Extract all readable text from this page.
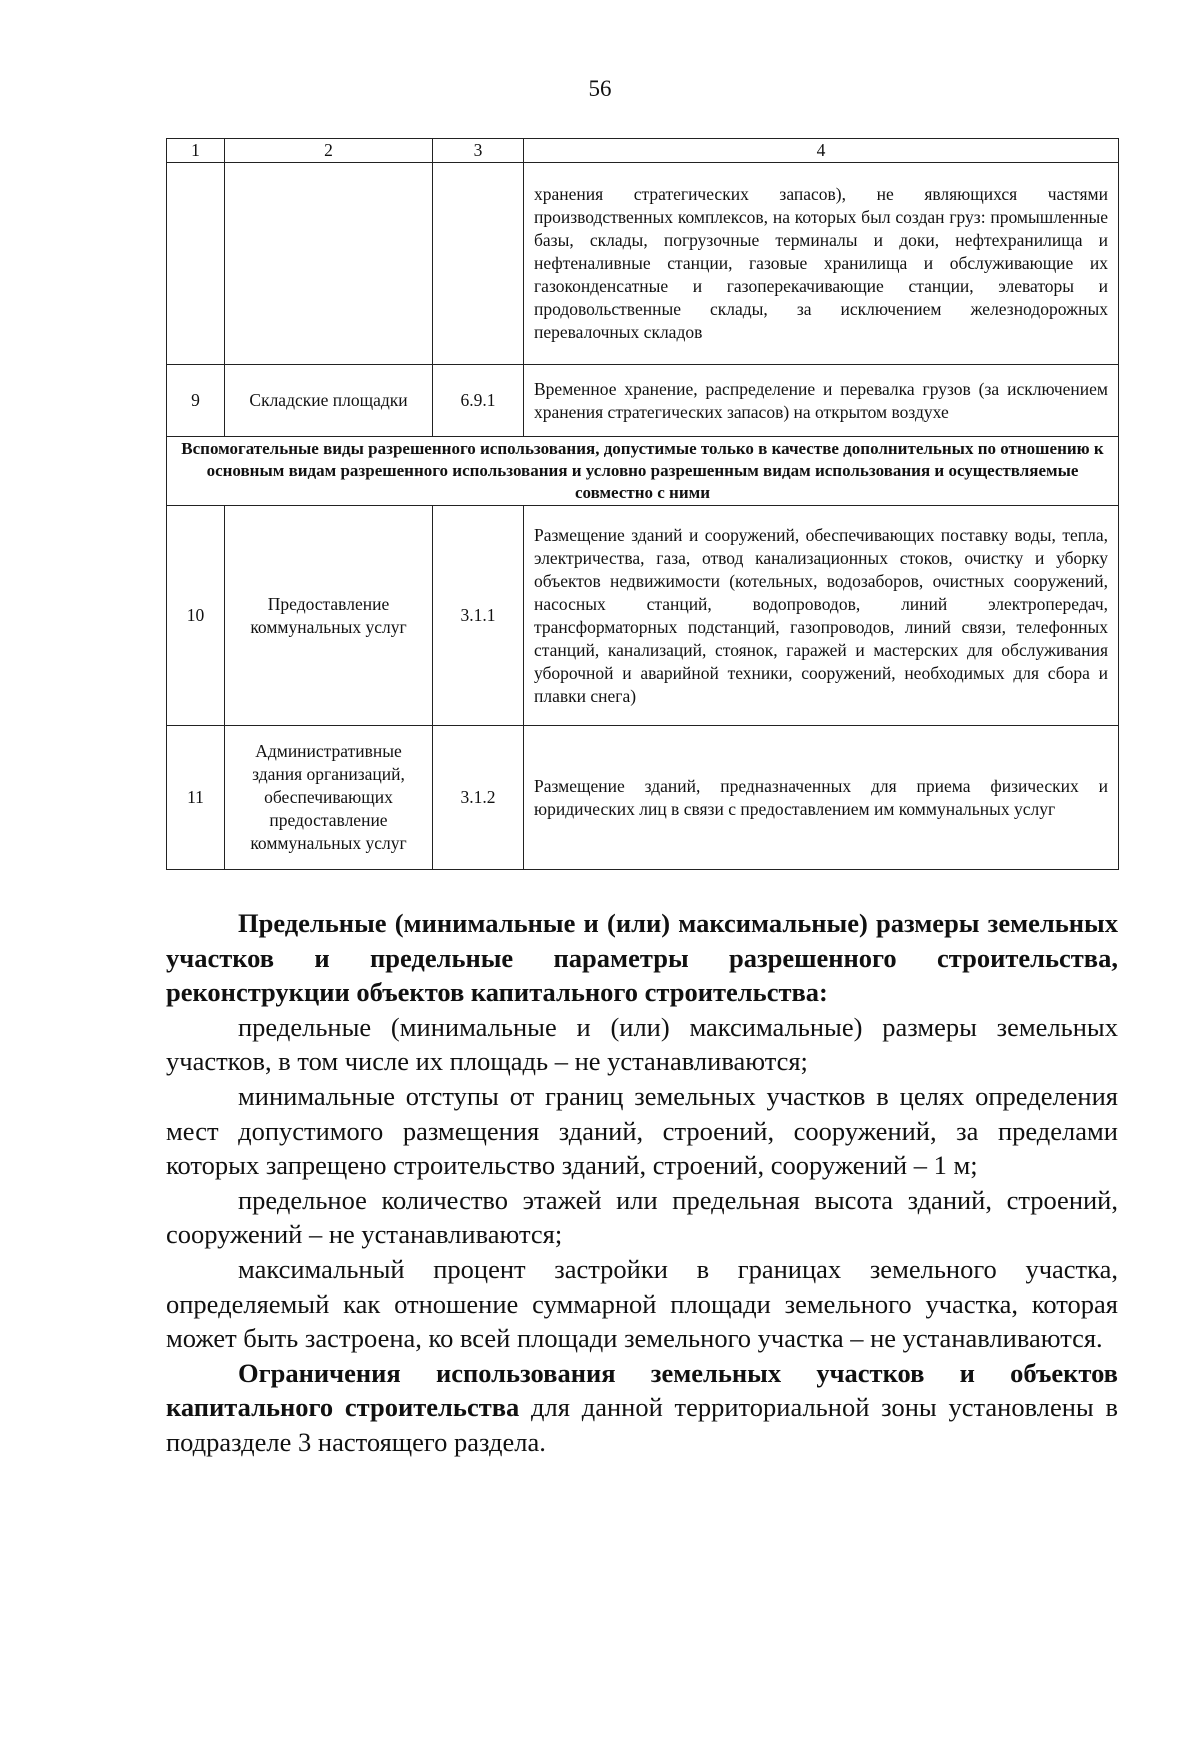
56
1	2	3	4
			хранения стратегических запасов), не являющихся частями производственных комплексов, на которых был создан груз: промышленные базы, склады, погрузочные терминалы и доки, нефтехранилища и нефтеналивные станции, газовые хранилища и обслуживающие их газоконденсатные и газоперекачивающие станции, элеваторы и продовольственные склады, за исключением железнодорожных перевалочных складов
9	Складские площадки	6.9.1	Временное хранение, распределение и перевалка грузов (за исключением хранения стратегических запасов) на открытом воздухе
Вспомогательные виды разрешенного использования, допустимые только в качестве дополнительных по отношению к основным видам разрешенного использования и условно разрешенным видам использования и осуществляемые совместно с ними			
10	Предоставление коммунальных услуг	3.1.1	Размещение зданий и сооружений, обеспечивающих поставку воды, тепла, электричества, газа, отвод канализационных стоков, очистку и уборку объектов недвижимости (котельных, водозаборов, очистных сооружений, насосных станций, водопроводов, линий электропередач, трансформаторных подстанций, газопроводов, линий связи, телефонных станций, канализаций, стоянок, гаражей и мастерских для обслуживания уборочной и аварийной техники, сооружений, необходимых для сбора и плавки снега)
11	Административные здания организаций, обеспечивающих предоставление коммунальных услуг	3.1.2	Размещение зданий, предназначенных для приема физических и юридических лиц в связи с предоставлением им коммунальных услуг

Предельные (минимальные и (или) максимальные) размеры земельных участков и предельные параметры разрешенного строительства, реконструкции объектов капитального строительства:

предельные (минимальные и (или) максимальные) размеры земельных участков, в том числе их площадь – не устанавливаются;

минимальные отступы от границ земельных участков в целях определения мест допустимого размещения зданий, строений, сооружений, за пределами которых запрещено строительство зданий, строений, сооружений – 1 м;

предельное количество этажей или предельная высота зданий, строений, сооружений – не устанавливаются;

максимальный процент застройки в границах земельного участка, определяемый как отношение суммарной площади земельного участка, которая может быть застроена, ко всей площади земельного участка – не устанавливаются.

Ограничения использования земельных участков и объектов капитального строительства для данной территориальной зоны установлены в подразделе 3 настоящего раздела.
